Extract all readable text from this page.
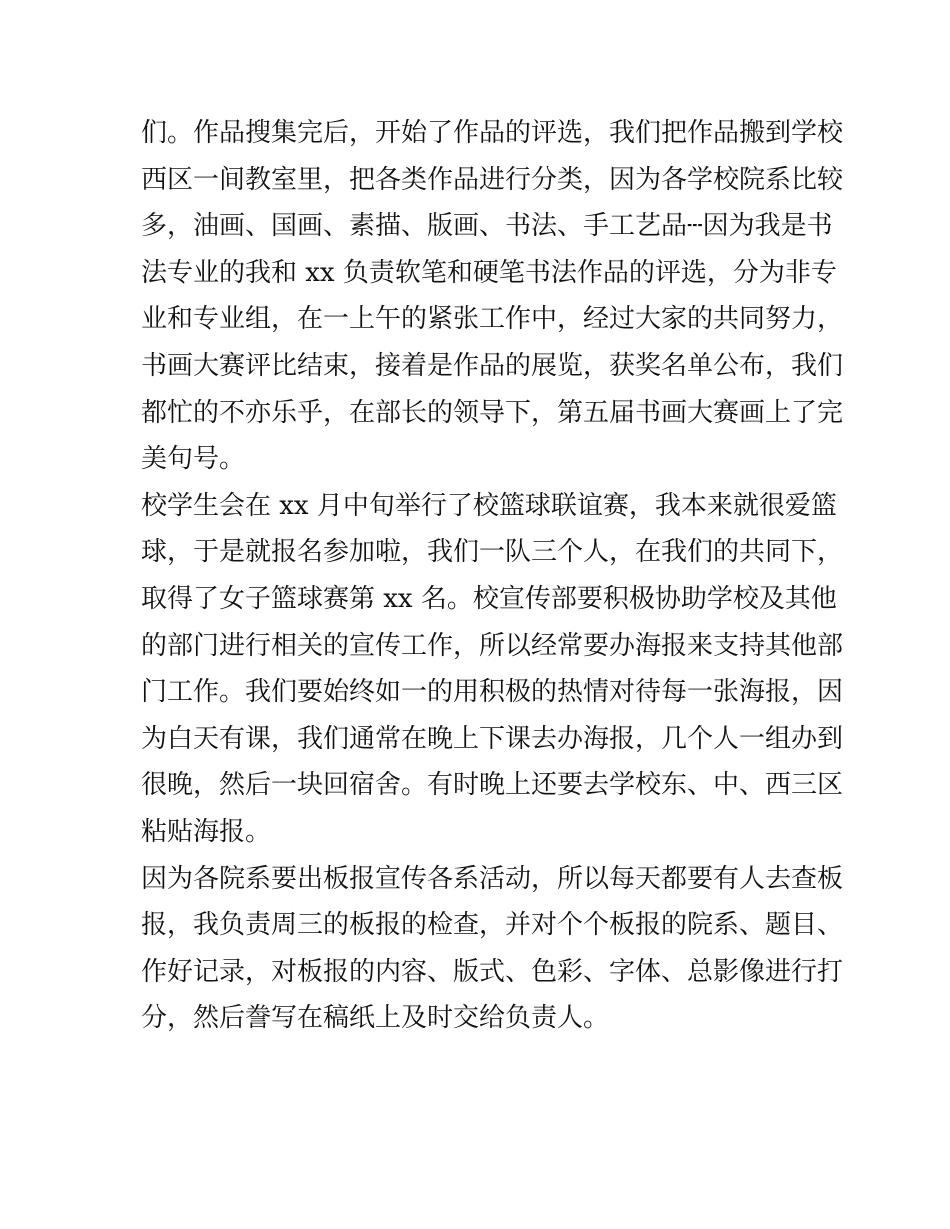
们。作品搜集完后，开始了作品的评选，我们把作品搬到学校
西区一间教室里，把各类作品进行分类，因为各学校院系比较
多，油画、国画、素描、版画、书法、手工艺品┄因为我是书
法专业的我和 xx 负责软笔和硬笔书法作品的评选，分为非专
业和专业组，在一上午的紧张工作中，经过大家的共同努力，
书画大赛评比结束，接着是作品的展览，获奖名单公布，我们
都忙的不亦乐乎，在部长的领导下，第五届书画大赛画上了完
美句号。
校学生会在 xx 月中旬举行了校篮球联谊赛，我本来就很爱篮
球，于是就报名参加啦，我们一队三个人，在我们的共同下，
取得了女子篮球赛第 xx 名。校宣传部要积极协助学校及其他
的部门进行相关的宣传工作，所以经常要办海报来支持其他部
门工作。我们要始终如一的用积极的热情对待每一张海报，因
为白天有课，我们通常在晚上下课去办海报，几个人一组办到
很晚，然后一块回宿舍。有时晚上还要去学校东、中、西三区
粘贴海报。
因为各院系要出板报宣传各系活动，所以每天都要有人去查板
报，我负责周三的板报的检查，并对个个板报的院系、题目、
作好记录，对板报的内容、版式、色彩、字体、总影像进行打
分，然后誊写在稿纸上及时交给负责人。
